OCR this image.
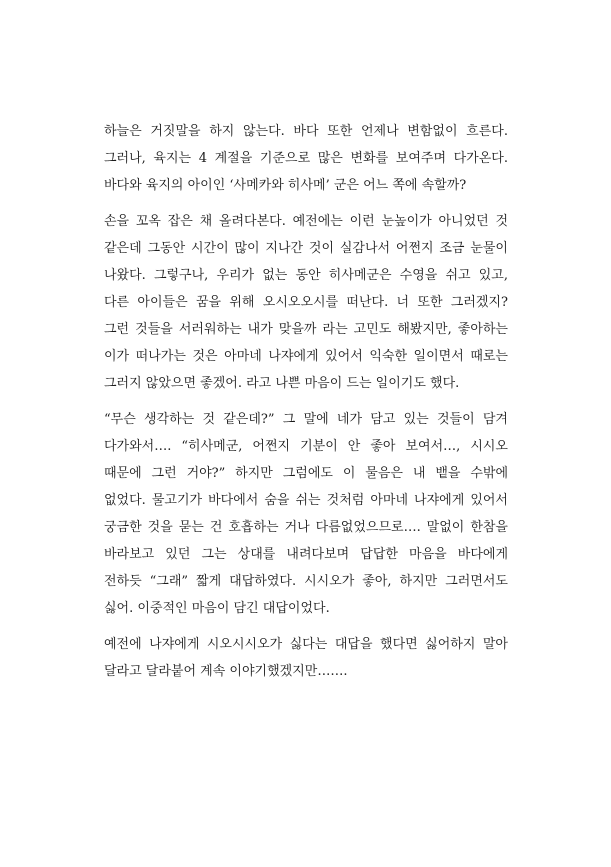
하늘은 거짓말을 하지 않는다. 바다 또한 언제나 변함없이 흐른다.
그러나, 육지는 4 계절을 기준으로 많은 변화를 보여주며 다가온다.
바다와 육지의 아이인 ‘사메카와 히사메’ 군은 어느 쪽에 속할까?

손을 꼬옥 잡은 채 올려다본다. 예전에는 이런 눈높이가 아니었던 것
같은데 그동안 시간이 많이 지나간 것이 실감나서 어쩐지 조금 눈물이
나왔다. 그렇구나, 우리가 없는 동안 히사메군은 수영을 쉬고 있고,
다른 아이들은 꿈을 위해 오시오오시를 떠난다. 너 또한 그러겠지?
그런 것들을 서러워하는 내가 맞을까 라는 고민도 해봤지만, 좋아하는
이가 떠나가는 것은 아마네 나쟈에게 있어서 익숙한 일이면서 때로는
그러지 않았으면 좋겠어. 라고 나쁜 마음이 드는 일이기도 했다.

“무슨 생각하는 것 같은데?” 그 말에 네가 담고 있는 것들이 담겨
다가와서…. “히사메군, 어쩐지 기분이 안 좋아 보여서…, 시시오
때문에 그런 거야?” 하지만 그럼에도 이 물음은 내 뱉을 수밖에
없었다. 물고기가 바다에서 숨을 쉬는 것처럼 아마네 나쟈에게 있어서
궁금한 것을 묻는 건 호흡하는 거나 다름없었으므로…. 말없이 한참을
바라보고 있던 그는 상대를 내려다보며 답답한 마음을 바다에게
전하듯 “그래” 짧게 대답하였다. 시시오가 좋아, 하지만 그러면서도
싫어. 이중적인 마음이 담긴 대답이었다.

예전에 나쟈에게 시오시시오가 싫다는 대답을 했다면 싫어하지 말아
달라고 달라붙어 계속 이야기했겠지만…….
